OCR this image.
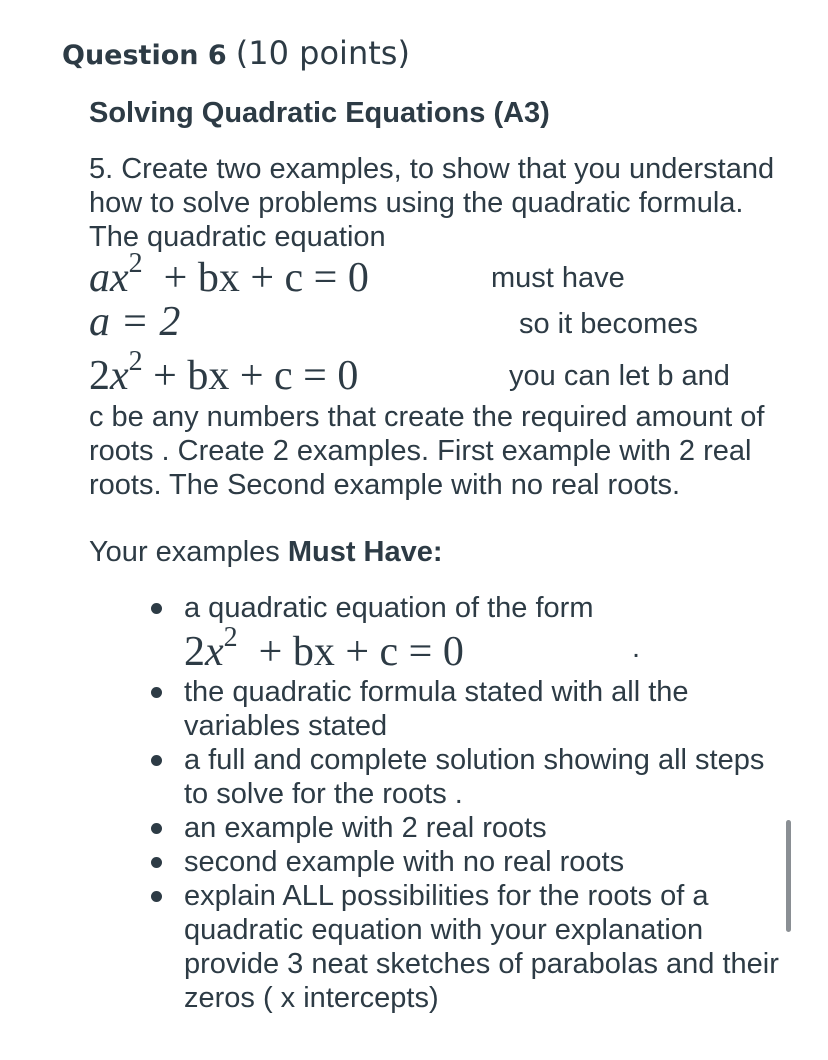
Question 6 (10 points)
Solving Quadratic Equations (A3)

5. Create two examples, to show that you understand how to solve problems using the quadratic formula. The quadratic equation

$ax^2$ + bx + c = 0	must have
a = 2	so it becomes
$2x^2$ + bx + c = 0	you can let b and

c be any numbers that create the required amount of roots . Create 2 examples. First example with 2 real roots. The Second example with no real roots.

Your examples Must Have:

a quadratic equation of the form
$2x^2$ + bx + c = 0	.
the quadratic formula stated with all the variables stated
a full and complete solution showing all steps to solve for the roots .
an example with 2 real roots
second example with no real roots
explain ALL possibilities for the roots of a quadratic equation with your explanation provide 3 neat sketches of parabolas and their zeros ( x intercepts)
